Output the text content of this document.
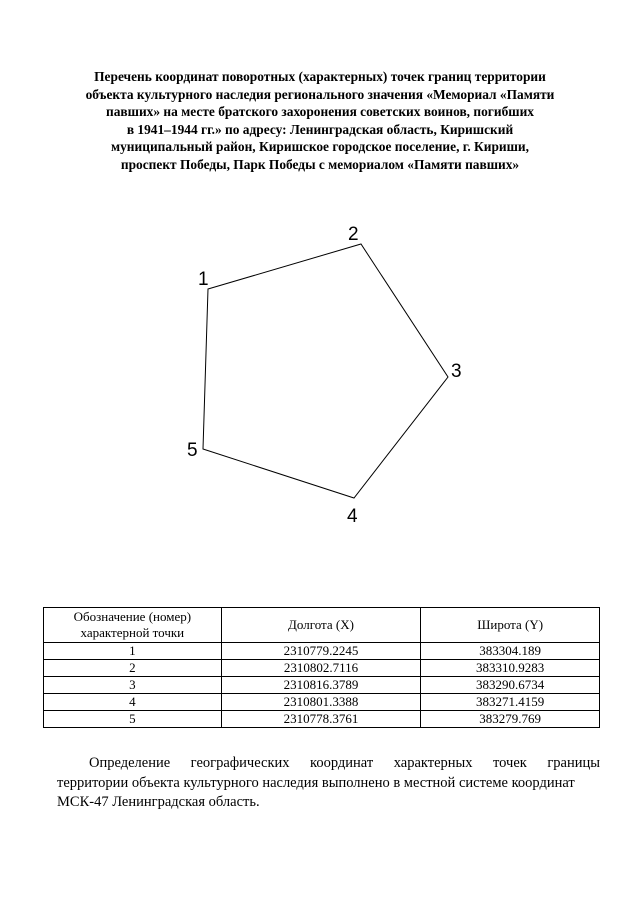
Перечень координат поворотных (характерных) точек границ территории
объекта культурного наследия регионального значения «Мемориал «Памяти
павших» на месте братского захоронения советских воинов, погибших
в 1941–1944 гг.» по адресу: Ленинградская область, Киришский
муниципальный район, Киришское городское поселение, г. Кириши,
проспект Победы, Парк Победы с мемориалом «Памяти павших»
1
2
3
4
5
Обозначение (номер) характерной точки	Долгота (X)	Широта (Y)
1	2310779.2245	383304.189
2	2310802.7116	383310.9283
3	2310816.3789	383290.6734
4	2310801.3388	383271.4159
5	2310778.3761	383279.769

Определение географических координат характерных точек границы

территории объекта культурного наследия выполнено в местной системе координат МСК-47 Ленинградская область.
